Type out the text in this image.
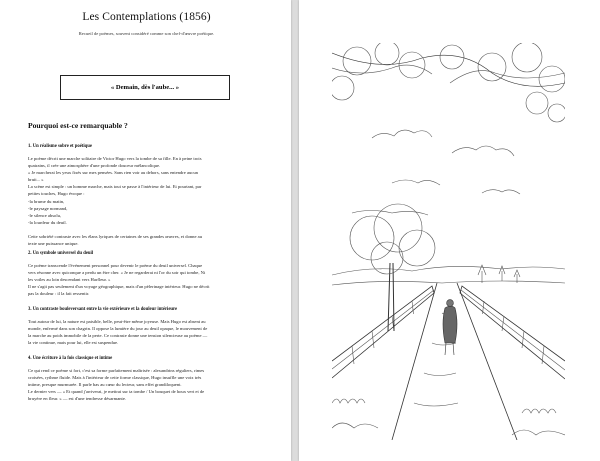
Les Contemplations (1856)
Recueil de poèmes, souvent considéré comme son chef-d'œuvre poétique.
« Demain, dès l'aube... »
Pourquoi est-ce remarquable ?
1. Un réalisme sobre et poétique
Le poème décrit une marche solitaire de Victor Hugo vers la tombe de sa fille. En à peine trois
quatrains, il crée une atmosphère d'une profonde douceur mélancolique.
« Je marcherai les yeux fixés sur mes pensées. Sans rien voir au dehors, sans entendre aucun
bruit... »
La scène est simple : un homme marche, mais tout se passe à l'intérieur de lui. Et pourtant, par
petites touches, Hugo évoque :
-la brume du matin,
-le paysage normand,
-le silence absolu,
-la lourdeur du deuil.
Cette sobriété contraste avec les élans lyriques de certaines de ses grandes œuvres, et donne au
texte une puissance unique.
2. Un symbole universel du deuil
Ce poème transcende l'événement personnel pour devenir le poème du deuil universel. Chaque
vers résonne avec quiconque a perdu un être cher. « Je ne regarderai ni l'or du soir qui tombe, Ni
les voiles au loin descendant vers Harfleur. »
Il ne s'agit pas seulement d'un voyage géographique, mais d'un pèlerinage intérieur. Hugo ne décrit
pas la douleur : il la fait ressentir.
3. Un contraste bouleversant entre la vie extérieure et la douleur intérieure
Tout autour de lui, la nature est paisible, belle, peut-être même joyeuse. Mais Hugo est absent au
monde, enfermé dans son chagrin. Il oppose la lumière du jour au deuil opaque, le mouvement de
la marche au poids immobile de la perte. Ce contraste donne une tension silencieuse au poème —
la vie continue, mais pour lui, elle est suspendue.
4. Une écriture à la fois classique et intime
Ce qui rend ce poème si fort, c'est sa forme parfaitement maîtrisée : alexandrins réguliers, rimes
croisées, rythme fluide. Mais à l'intérieur de cette forme classique, Hugo insuffle une voix très
intime, presque murmurée. Il parle bas au cœur du lecteur, sans effet grandiloquent.
Le dernier vers — « Et quand j'arriverai, je mettrai sur ta tombe / Un bouquet de houx vert et de
bruyère en fleur. » — est d'une tendresse désarmante.
